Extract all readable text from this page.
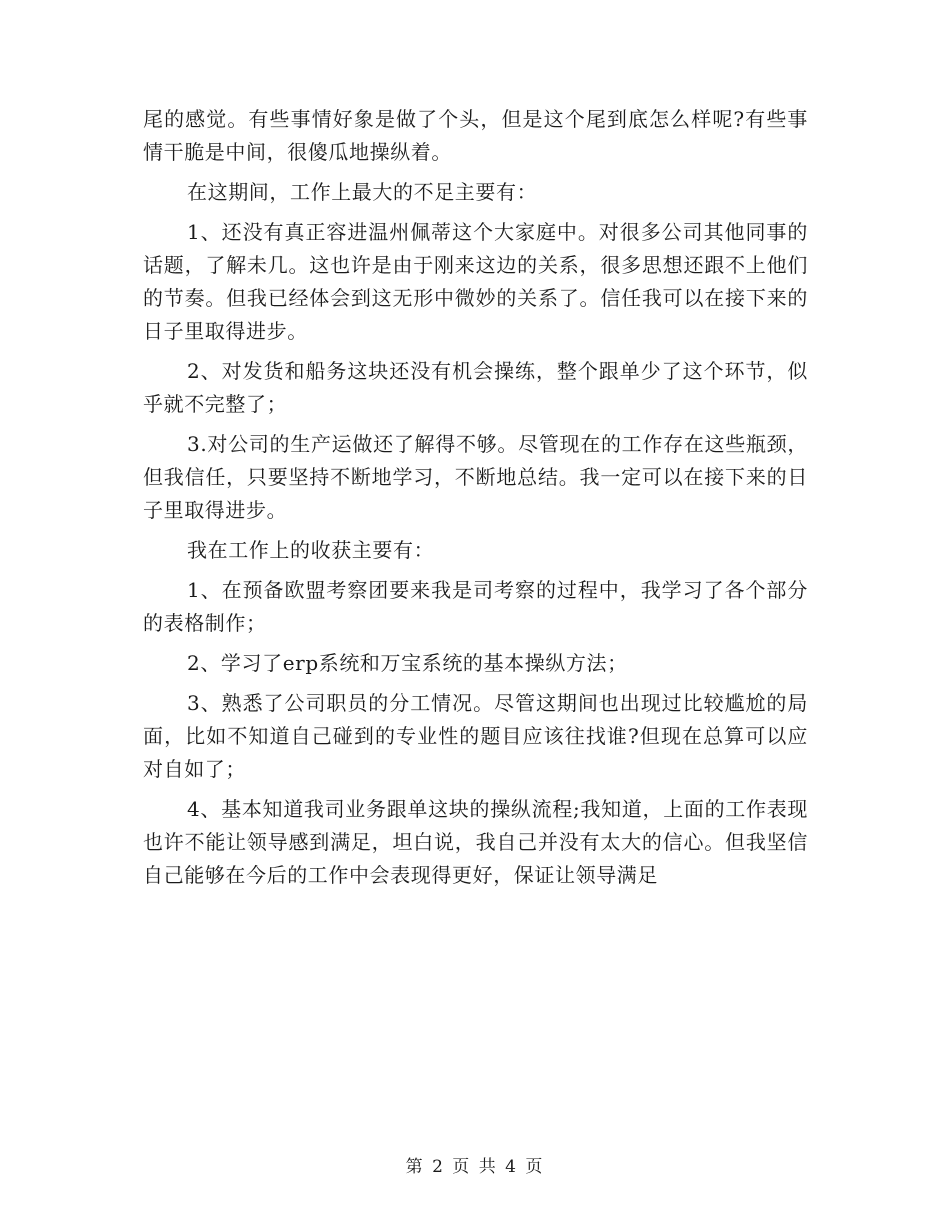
尾的感觉。有些事情好象是做了个头，但是这个尾到底怎么样呢?有些事情干脆是中间，很傻瓜地操纵着。

在这期间，工作上最大的不足主要有：

1、还没有真正容进温州佩蒂这个大家庭中。对很多公司其他同事的话题，了解未几。这也许是由于刚来这边的关系，很多思想还跟不上他们的节奏。但我已经体会到这无形中微妙的关系了。信任我可以在接下来的日子里取得进步。

2、对发货和船务这块还没有机会操练，整个跟单少了这个环节，似乎就不完整了；

3.对公司的生产运做还了解得不够。尽管现在的工作存在这些瓶颈，但我信任，只要坚持不断地学习，不断地总结。我一定可以在接下来的日子里取得进步。

我在工作上的收获主要有：

1、在预备欧盟考察团要来我是司考察的过程中，我学习了各个部分的表格制作；

2、学习了erp系统和万宝系统的基本操纵方法；

3、熟悉了公司职员的分工情况。尽管这期间也出现过比较尴尬的局面，比如不知道自己碰到的专业性的题目应该往找谁?但现在总算可以应对自如了；

4、基本知道我司业务跟单这块的操纵流程;我知道，上面的工作表现也许不能让领导感到满足，坦白说，我自己并没有太大的信心。但我坚信自己能够在今后的工作中会表现得更好，保证让领导满足

第 2 页 共 4 页
